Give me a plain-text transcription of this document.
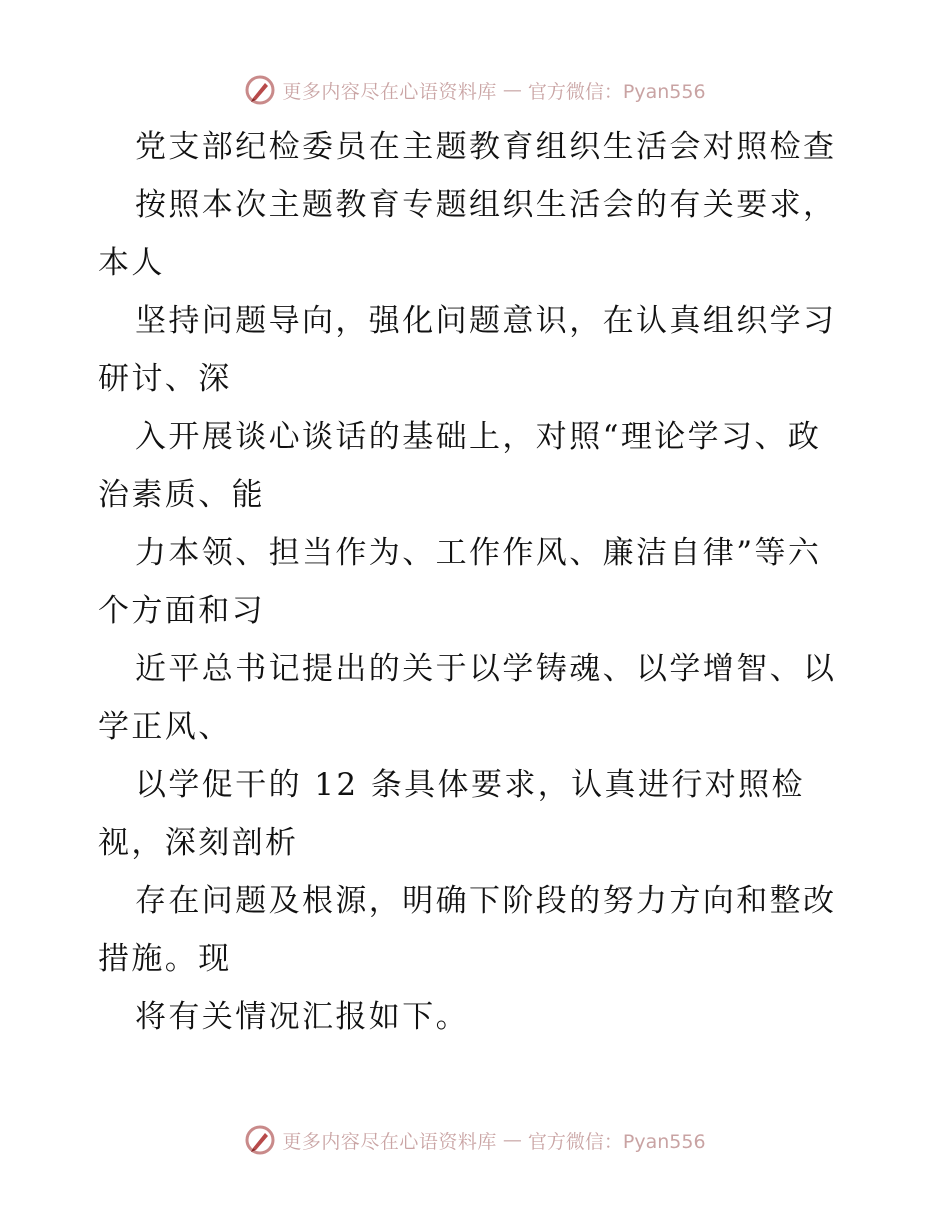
更多内容尽在心语资料库 — 官方微信：Pyan556
党支部纪检委员在主题教育组织生活会对照检查
按照本次主题教育专题组织生活会的有关要求，
本人
坚持问题导向，强化问题意识，在认真组织学习
研讨、深
入开展谈心谈话的基础上，对照“理论学习、政
治素质、能
力本领、担当作为、工作作风、廉洁自律”等六
个方面和习
近平总书记提出的关于以学铸魂、以学增智、以
学正风、
以学促干的 12 条具体要求，认真进行对照检
视，深刻剖析
存在问题及根源，明确下阶段的努力方向和整改
措施。现
将有关情况汇报如下。
更多内容尽在心语资料库 — 官方微信：Pyan556
